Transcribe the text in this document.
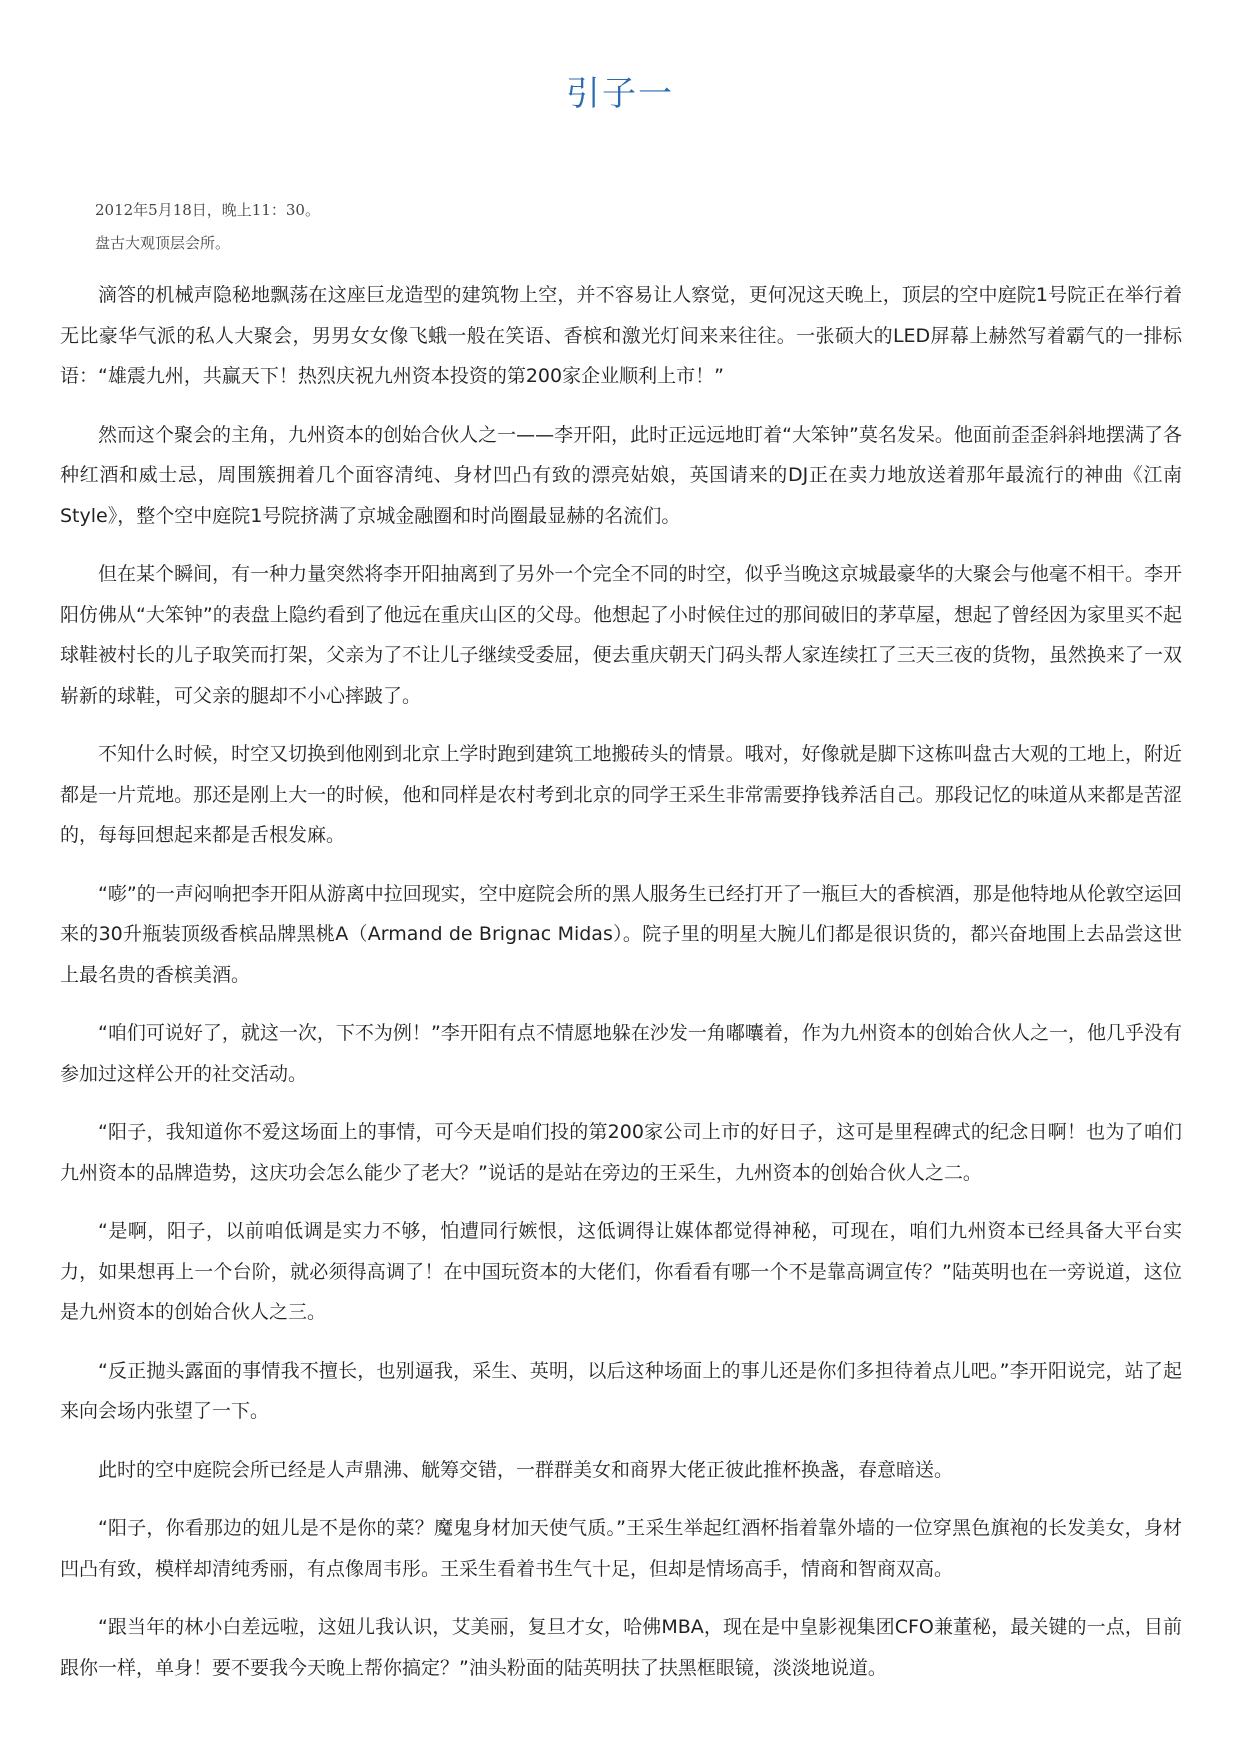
引子一
2012年5月18日，晚上11：30。
盘古大观顶层会所。

滴答的机械声隐秘地飘荡在这座巨龙造型的建筑物上空，并不容易让人察觉，更何况这天晚上，顶层的空中庭院1号院正在举行着无比豪华气派的私人大聚会，男男女女像飞蛾一般在笑语、香槟和激光灯间来来往往。一张硕大的LED屏幕上赫然写着霸气的一排标语：“雄震九州，共赢天下！热烈庆祝九州资本投资的第200家企业顺利上市！”

然而这个聚会的主角，九州资本的创始合伙人之一——李开阳，此时正远远地盯着“大笨钟”莫名发呆。他面前歪歪斜斜地摆满了各种红酒和威士忌，周围簇拥着几个面容清纯、身材凹凸有致的漂亮姑娘，英国请来的DJ正在卖力地放送着那年最流行的神曲《江南Style》，整个空中庭院1号院挤满了京城金融圈和时尚圈最显赫的名流们。

但在某个瞬间，有一种力量突然将李开阳抽离到了另外一个完全不同的时空，似乎当晚这京城最豪华的大聚会与他毫不相干。李开阳仿佛从“大笨钟”的表盘上隐约看到了他远在重庆山区的父母。他想起了小时候住过的那间破旧的茅草屋，想起了曾经因为家里买不起球鞋被村长的儿子取笑而打架，父亲为了不让儿子继续受委屈，便去重庆朝天门码头帮人家连续扛了三天三夜的货物，虽然换来了一双崭新的球鞋，可父亲的腿却不小心摔跛了。

不知什么时候，时空又切换到他刚到北京上学时跑到建筑工地搬砖头的情景。哦对，好像就是脚下这栋叫盘古大观的工地上，附近都是一片荒地。那还是刚上大一的时候，他和同样是农村考到北京的同学王采生非常需要挣钱养活自己。那段记忆的味道从来都是苦涩的，每每回想起来都是舌根发麻。

“嘭”的一声闷响把李开阳从游离中拉回现实，空中庭院会所的黑人服务生已经打开了一瓶巨大的香槟酒，那是他特地从伦敦空运回来的30升瓶装顶级香槟品牌黑桃A（Armand de Brignac Midas）。院子里的明星大腕儿们都是很识货的，都兴奋地围上去品尝这世上最名贵的香槟美酒。

“咱们可说好了，就这一次，下不为例！”李开阳有点不情愿地躲在沙发一角嘟囔着，作为九州资本的创始合伙人之一，他几乎没有参加过这样公开的社交活动。

“阳子，我知道你不爱这场面上的事情，可今天是咱们投的第200家公司上市的好日子，这可是里程碑式的纪念日啊！也为了咱们九州资本的品牌造势，这庆功会怎么能少了老大？”说话的是站在旁边的王采生，九州资本的创始合伙人之二。

“是啊，阳子，以前咱低调是实力不够，怕遭同行嫉恨，这低调得让媒体都觉得神秘，可现在，咱们九州资本已经具备大平台实力，如果想再上一个台阶，就必须得高调了！在中国玩资本的大佬们，你看看有哪一个不是靠高调宣传？”陆英明也在一旁说道，这位是九州资本的创始合伙人之三。

“反正抛头露面的事情我不擅长，也别逼我，采生、英明，以后这种场面上的事儿还是你们多担待着点儿吧。”李开阳说完，站了起来向会场内张望了一下。

此时的空中庭院会所已经是人声鼎沸、觥筹交错，一群群美女和商界大佬正彼此推杯换盏，春意暗送。

“阳子，你看那边的妞儿是不是你的菜？魔鬼身材加天使气质。”王采生举起红酒杯指着靠外墙的一位穿黑色旗袍的长发美女，身材凹凸有致，模样却清纯秀丽，有点像周韦彤。王采生看着书生气十足，但却是情场高手，情商和智商双高。

“跟当年的林小白差远啦，这妞儿我认识，艾美丽，复旦才女，哈佛MBA，现在是中皇影视集团CFO兼董秘，最关键的一点，目前跟你一样，单身！要不要我今天晚上帮你搞定？”油头粉面的陆英明扶了扶黑框眼镜，淡淡地说道。
